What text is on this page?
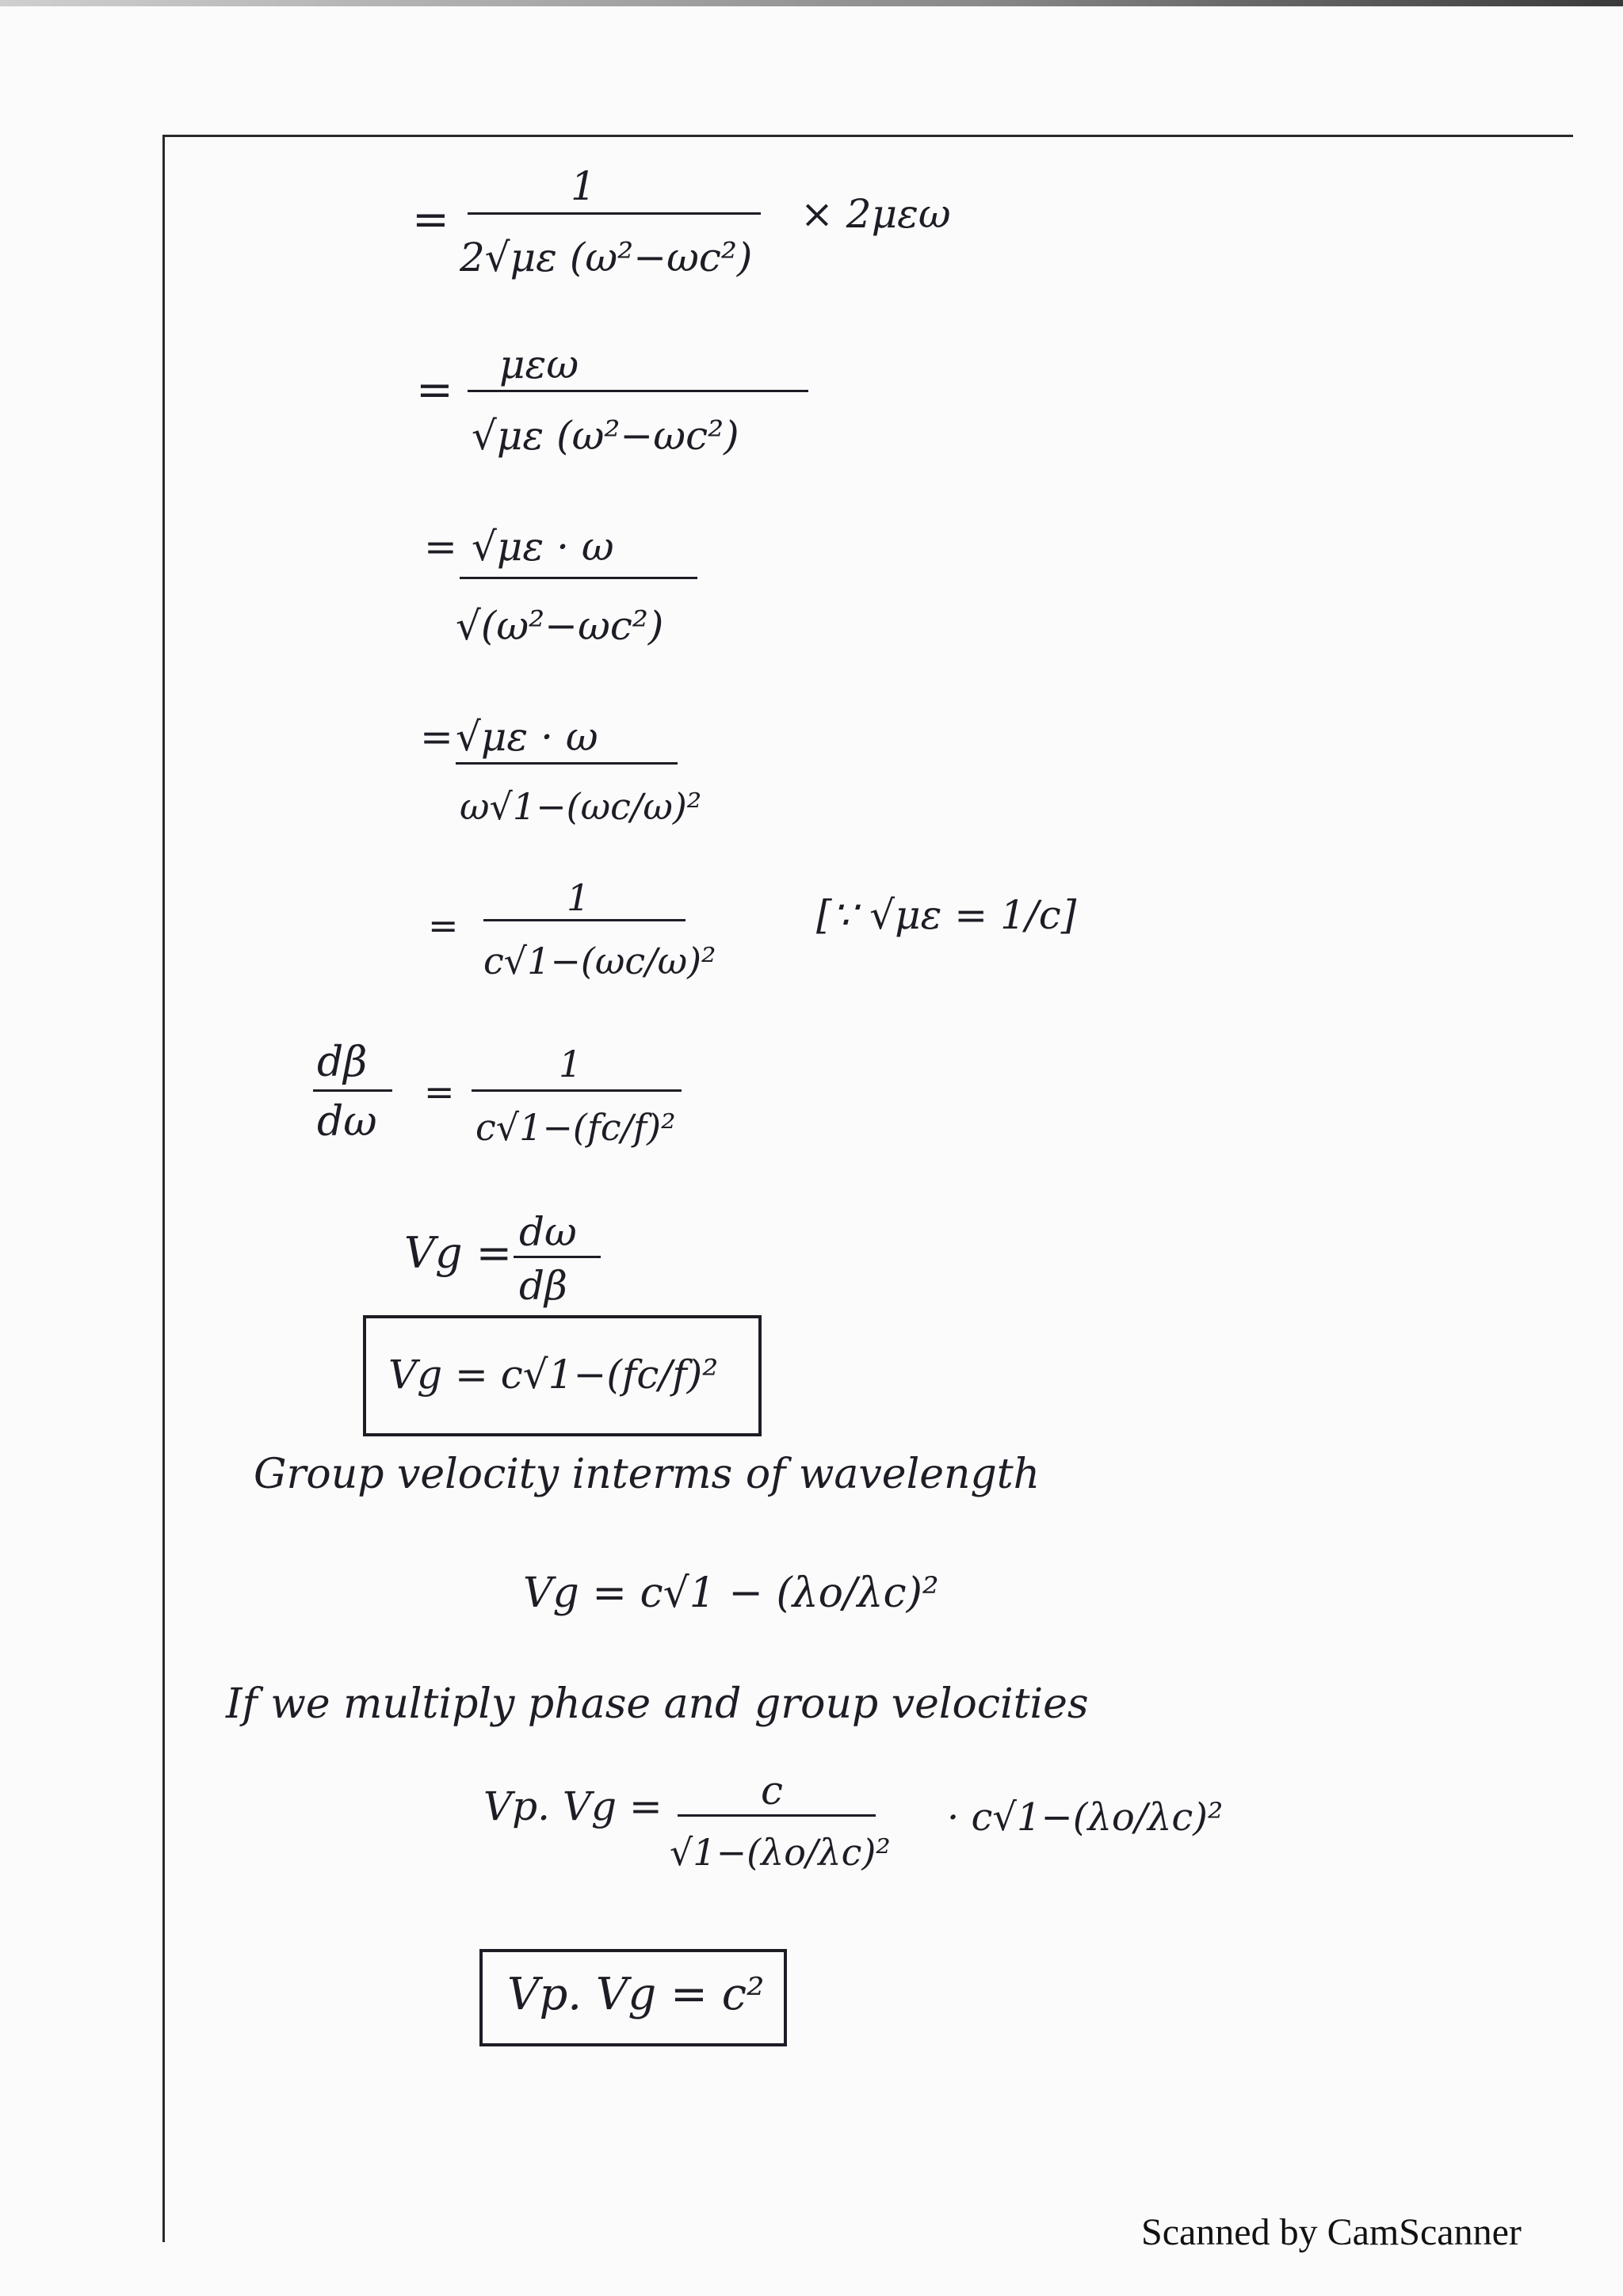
=
1
2√με (ω²−ωc²)
× 2μεω
= μεω
√με (ω²−ωc²)
= √με · ω
√(ω²−ωc²)
= √με · ω
ω√1−(ωc/ω)²
=
1
c√1−(ωc/ω)²
[∵ √με = 1/c]
dβ
dω
=
1
c√1−(fc/f)²
Vg = dω
dβ
Vg = c√1−(fc/f)²
Group velocity interms of wavelength
Vg = c√1 − (λo/λc)²
If we multiply phase and group velocities
Vp. Vg = c
√1−(λo/λc)²
· c√1−(λo/λc)²
Vp. Vg = c²
Scanned by CamScanner
